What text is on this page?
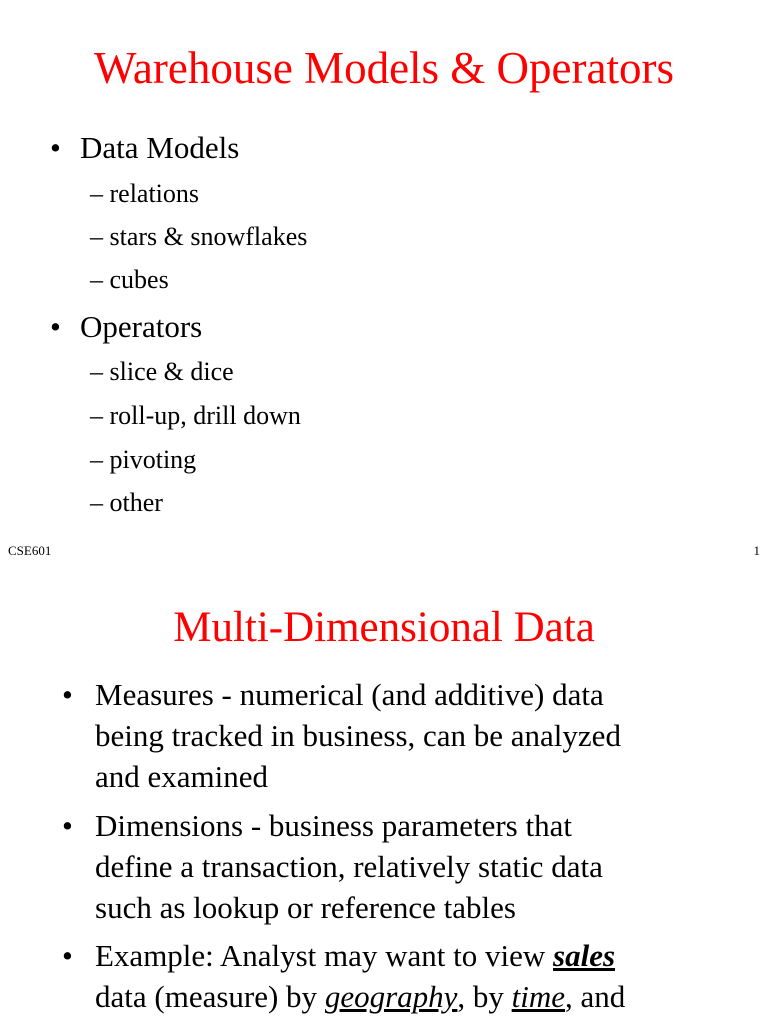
Warehouse Models & Operators
• Data Models
– relations
– stars & snowflakes
– cubes
• Operators
– slice & dice
– roll-up, drill down
– pivoting
– other
CSE601	1
Multi-Dimensional Data
• Measures - numerical (and additive) data
being tracked in business, can be analyzed
and examined
• Dimensions - business parameters that
define a transaction, relatively static data
such as lookup or reference tables
• Example: Analyst may want to view sales
data (measure) by geography, by time, and
